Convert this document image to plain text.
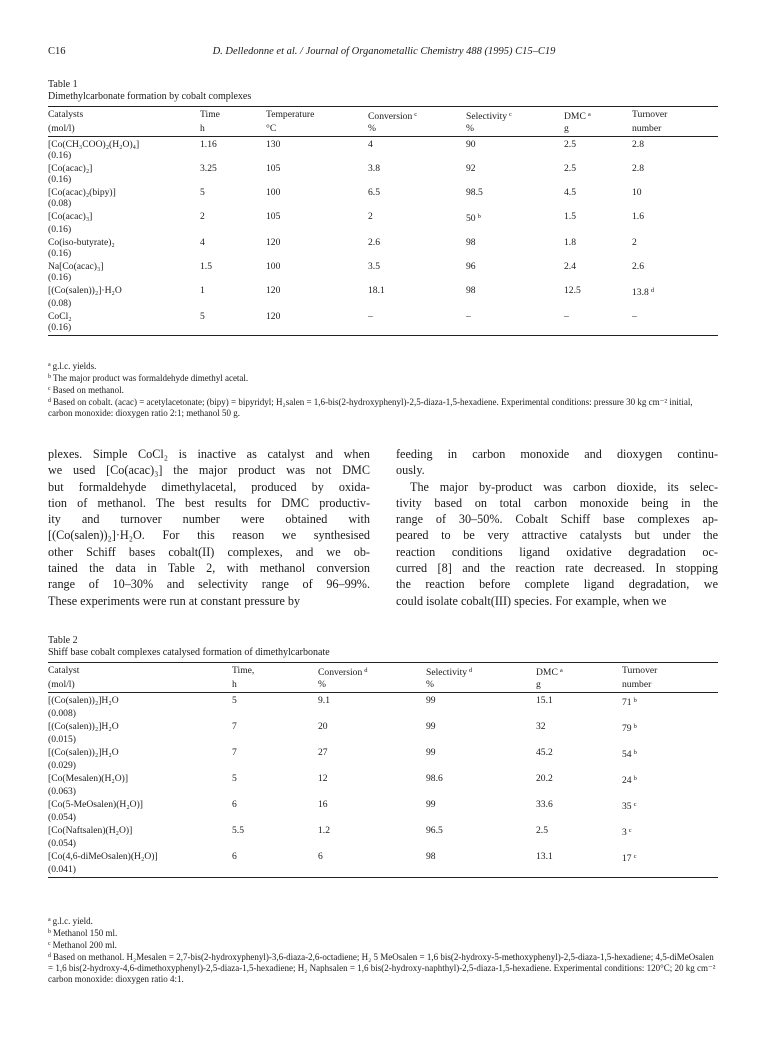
C16	D. Delledonne et al. / Journal of Organometallic Chemistry 488 (1995) C15–C19
Table 1
Dimethylcarbonate formation by cobalt complexes
Catalysts	Time	Temperature	Conversion $^c$	Selectivity $^c$	DMC $^a$	Turnover
(mol/l)	h	°C	%	%	g	number
[Co(CH₃COO)₂(H₂O)₄]	1.16	130	4	90	2.5	2.8
(0.16)						
[Co(acac)₂]	3.25	105	3.8	92	2.5	2.8
(0.16)						
[Co(acac)₂(bipy)]	5	100	6.5	98.5	4.5	10
(0.08)						
[Co(acac)₃]	2	105	2	50 $^b$	1.5	1.6
(0.16)						
Co(iso-butyrate)₂	4	120	2.6	98	1.8	2
(0.16)						
Na[Co(acac)₃]	1.5	100	3.5	96	2.4	2.6
(0.16)						
[(Co(salen))₂]·H₂O	1	120	18.1	98	12.5	13.8 $^d$
(0.08)						
CoCl₂	5	120	–	–	–	–
(0.16)						
$^a$ g.l.c. yields.
$^b$ The major product was formaldehyde dimethyl acetal.
$^c$ Based on methanol.
$^d$ Based on cobalt. (acac) = acetylacetonate; (bipy) = bipyridyl; H₂salen = 1,6-bis(2-hydroxyphenyl)-2,5-diaza-1,5-hexadiene. Experimental conditions: pressure 30 kg cm⁻² initial, carbon monoxide: dioxygen ratio 2:1; methanol 50 g.
plexes. Simple CoCl₂ is inactive as catalyst and when
we used [Co(acac)₃] the major product was not DMC
but formaldehyde dimethylacetal, produced by oxida-
tion of methanol. The best results for DMC productiv-
ity and turnover number were obtained with
[(Co(salen))₂]·H₂O. For this reason we synthesised
other Schiff bases cobalt(II) complexes, and we ob-
tained the data in Table 2, with methanol conversion
range of 10–30% and selectivity range of 96–99%.
These experiments were run at constant pressure by
feeding in carbon monoxide and dioxygen continu-
ously.
The major by-product was carbon dioxide, its selec-
tivity based on total carbon monoxide being in the
range of 30–50%. Cobalt Schiff base complexes ap-
peared to be very attractive catalysts but under the
reaction conditions ligand oxidative degradation oc-
curred [8] and the reaction rate decreased. In stopping
the reaction before complete ligand degradation, we
could isolate cobalt(III) species. For example, when we
Table 2
Shiff base cobalt complexes catalysed formation of dimethylcarbonate
Catalyst	Time,	Conversion $^d$	Selectivity $^d$	DMC $^a$	Turnover
(mol/l)	h	%	%	g	number
[(Co(salen))₂]H₂O	5	9.1	99	15.1	71 $^b$
(0.008)					
[(Co(salen))₂]H₂O	7	20	99	32	79 $^b$
(0.015)					
[(Co(salen))₂]H₂O	7	27	99	45.2	54 $^b$
(0.029)					
[Co(Mesalen)(H₂O)]	5	12	98.6	20.2	24 $^b$
(0.063)					
[Co(5-MeOsalen)(H₂O)]	6	16	99	33.6	35 $^c$
(0.054)					
[Co(Naftsalen)(H₂O)]	5.5	1.2	96.5	2.5	3 $^c$
(0.054)					
[Co(4,6-diMeOsalen)(H₂O)]	6	6	98	13.1	17 $^c$
(0.041)					
$^a$ g.l.c. yield.
$^b$ Methanol 150 ml.
$^c$ Methanol 200 ml.
$^d$ Based on methanol. H₂Mesalen = 2,7-bis(2-hydroxyphenyl)-3,6-diaza-2,6-octadiene; H₂ 5 MeOsalen = 1,6 bis(2-hydroxy-5-methoxyphenyl)-2,5-diaza-1,5-hexadiene; 4,5-diMeOsalen = 1,6 bis(2-hydroxy-4,6-dimethoxyphenyl)-2,5-diaza-1,5-hexadiene; H₂ Naphsalen = 1,6 bis(2-hydroxy-naphthyl)-2,5-diaza-1,5-hexadiene. Experimental conditions: 120°C; 20 kg cm⁻² carbon monoxide: dioxygen ratio 4:1.
